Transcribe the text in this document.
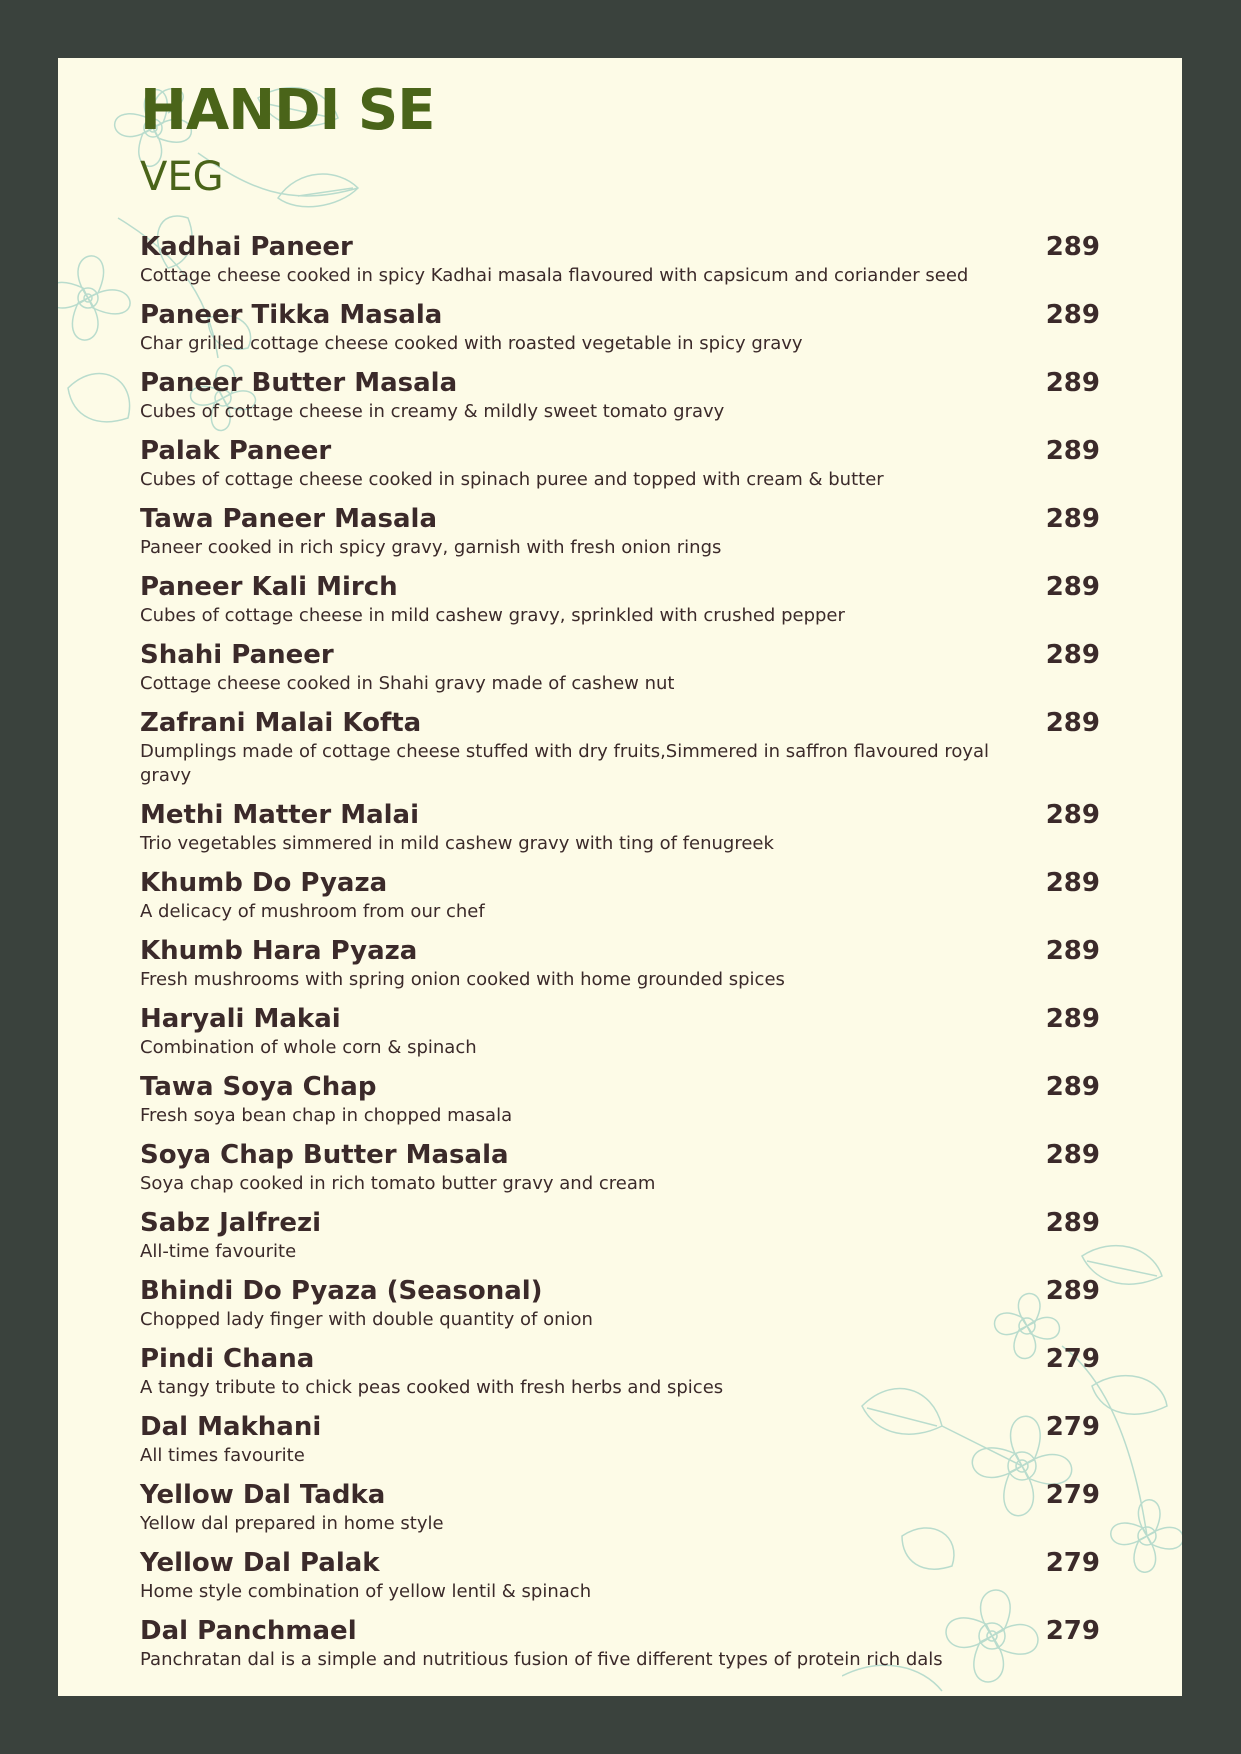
HANDI SE
VEG
Kadhai Paneer	289
Cottage cheese cooked in spicy Kadhai masala flavoured with capsicum and coriander seed
Paneer Tikka Masala	289
Char grilled cottage cheese cooked with roasted vegetable in spicy gravy
Paneer Butter Masala	289
Cubes of cottage cheese in creamy & mildly sweet tomato gravy
Palak Paneer	289
Cubes of cottage cheese cooked in spinach puree and topped with cream & butter
Tawa Paneer Masala	289
Paneer cooked in rich spicy gravy, garnish with fresh onion rings
Paneer Kali Mirch	289
Cubes of cottage cheese in mild cashew gravy, sprinkled with crushed pepper
Shahi Paneer	289
Cottage cheese cooked in Shahi gravy made of cashew nut
Zafrani Malai Kofta	289
Dumplings made of cottage cheese stuffed with dry fruits,Simmered in saffron flavoured royal gravy
Methi Matter Malai	289
Trio vegetables simmered in mild cashew gravy with ting of fenugreek
Khumb Do Pyaza	289
A delicacy of mushroom from our chef
Khumb Hara Pyaza	289
Fresh mushrooms with spring onion cooked with home grounded spices
Haryali Makai	289
Combination of whole corn & spinach
Tawa Soya Chap	289
Fresh soya bean chap in chopped masala
Soya Chap Butter Masala	289
Soya chap cooked in rich tomato butter gravy and cream
Sabz Jalfrezi	289
All-time favourite
Bhindi Do Pyaza (Seasonal)	289
Chopped lady finger with double quantity of onion
Pindi Chana	279
A tangy tribute to chick peas cooked with fresh herbs and spices
Dal Makhani	279
All times favourite
Yellow Dal Tadka	279
Yellow dal prepared in home style
Yellow Dal Palak	279
Home style combination of yellow lentil & spinach
Dal Panchmael	279
Panchratan dal is a simple and nutritious fusion of five different types of protein rich dals
